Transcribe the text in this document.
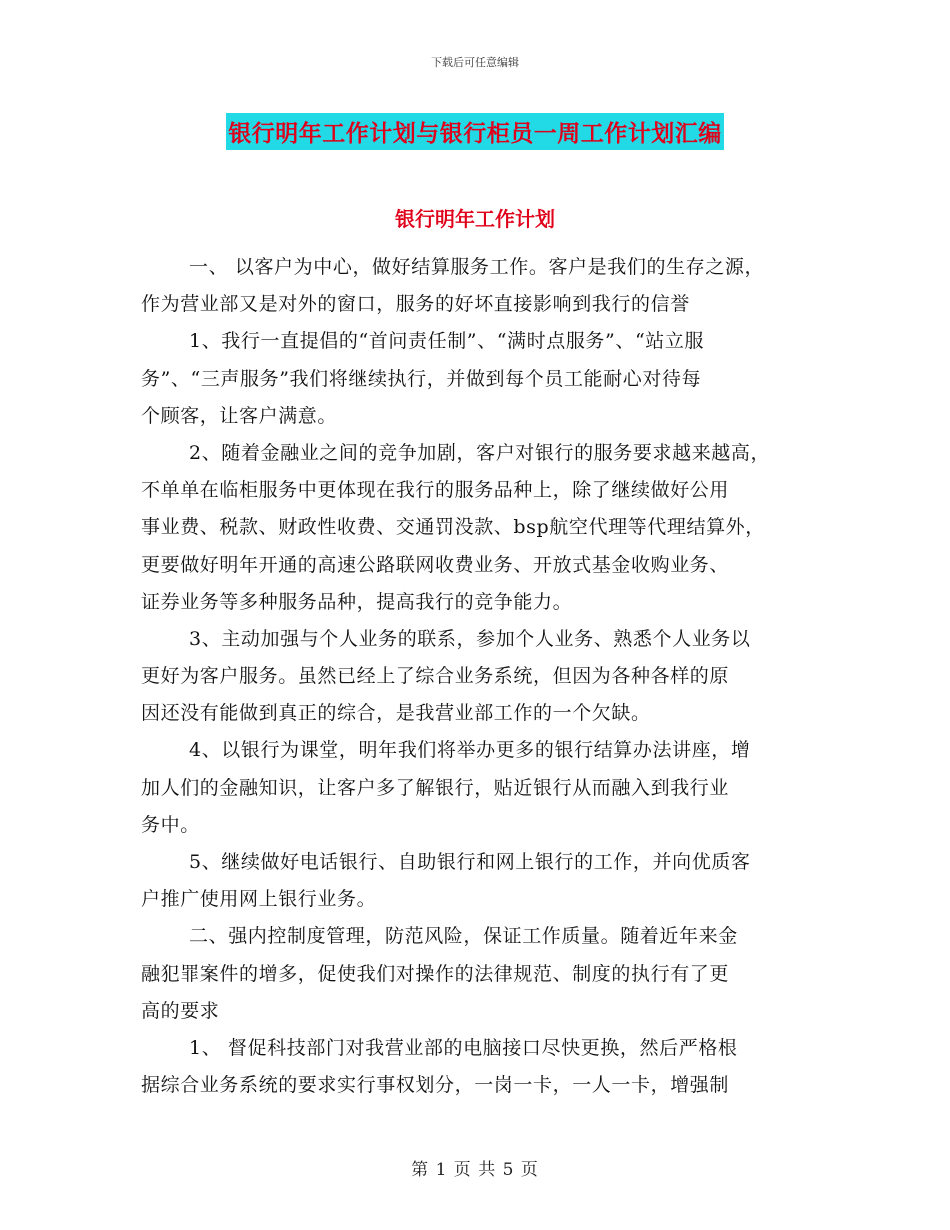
下载后可任意编辑
银行明年工作计划与银行柜员一周工作计划汇编
银行明年工作计划
一、 以客户为中心，做好结算服务工作。客户是我们的生存之源，
作为营业部又是对外的窗口，服务的好坏直接影响到我行的信誉
1、我行一直提倡的“首问责任制”、“满时点服务”、“站立服
务”、“三声服务”我们将继续执行，并做到每个员工能耐心对待每
个顾客，让客户满意。
2、随着金融业之间的竞争加剧，客户对银行的服务要求越来越高，
不单单在临柜服务中更体现在我行的服务品种上，除了继续做好公用
事业费、税款、财政性收费、交通罚没款、bsp航空代理等代理结算外，
更要做好明年开通的高速公路联网收费业务、开放式基金收购业务、
证券业务等多种服务品种，提高我行的竞争能力。
3、主动加强与个人业务的联系，参加个人业务、熟悉个人业务以
更好为客户服务。虽然已经上了综合业务系统，但因为各种各样的原
因还没有能做到真正的综合，是我营业部工作的一个欠缺。
4、以银行为课堂，明年我们将举办更多的银行结算办法讲座，增
加人们的金融知识，让客户多了解银行，贴近银行从而融入到我行业
务中。
5、继续做好电话银行、自助银行和网上银行的工作，并向优质客
户推广使用网上银行业务。
二、强内控制度管理，防范风险，保证工作质量。随着近年来金
融犯罪案件的增多，促使我们对操作的法律规范、制度的执行有了更
高的要求
1、 督促科技部门对我营业部的电脑接口尽快更换，然后严格根
据综合业务系统的要求实行事权划分，一岗一卡，一人一卡，增强制
第 1 页 共 5 页
